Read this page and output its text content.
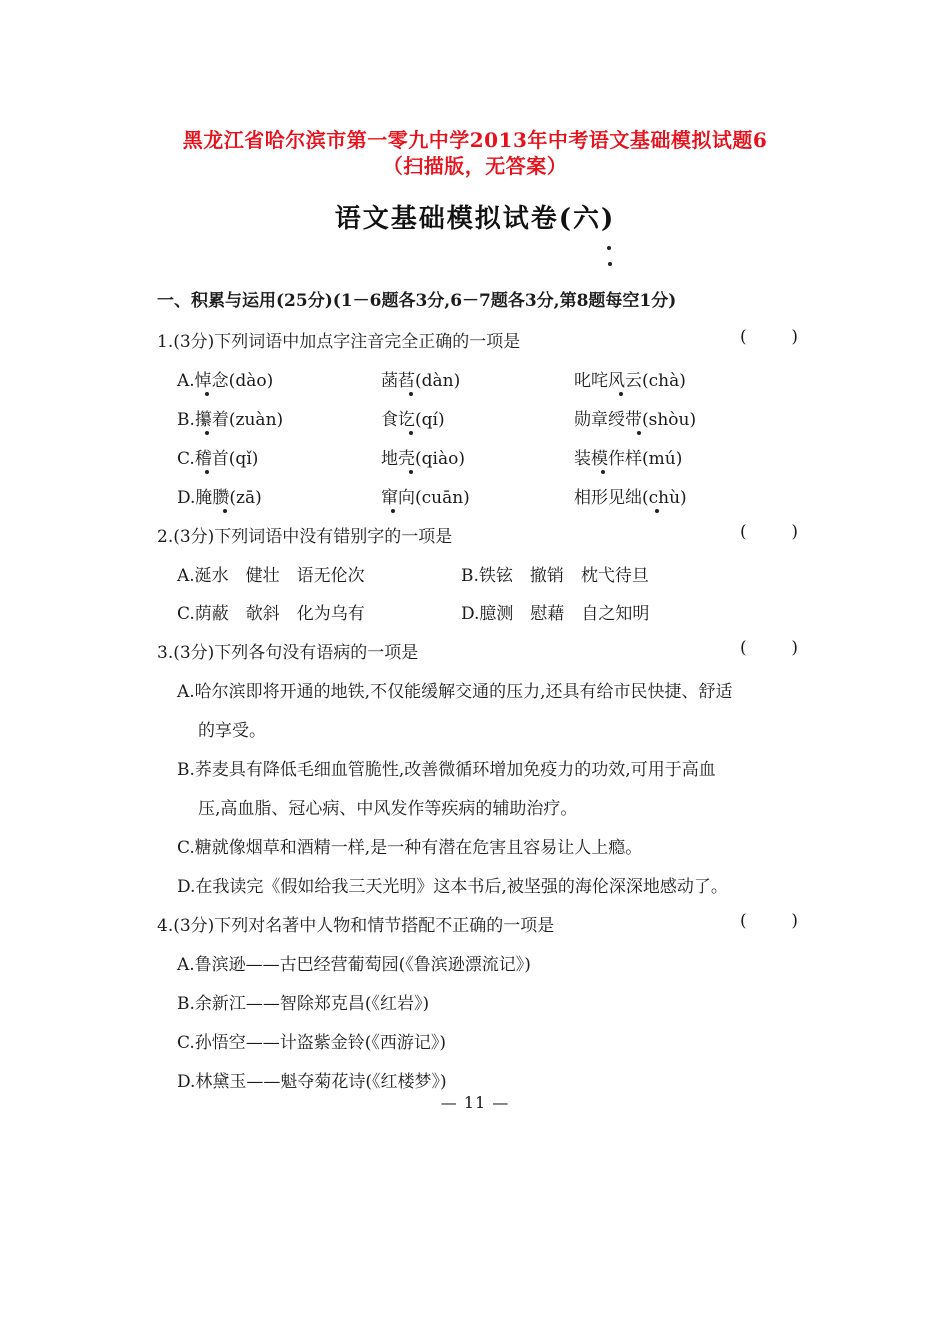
黑龙江省哈尔滨市第一零九中学2013年中考语文基础模拟试题6
（扫描版，无答案）
语文基础模拟试卷(六)
一、积累与运用(25分)(1－6题各3分,6－7题各3分,第8题每空1分)
1.(3分)下列词语中加点字注音完全正确的一项是	(	)
A.悼念(dào)	菡萏(dàn)	叱咤风云(chà)
B.攥着(zuàn)	食讫(qí)	勋章绶带(shòu)
C.稽首(qǐ)	地壳(qiào)	装模作样(mú)
D.腌臜(zā)	窜向(cuān)	相形见绌(chù)
2.(3分)下列词语中没有错别字的一项是	(	)
A.涎水　健壮　语无伦次	B.铁铉　撤销　枕弋待旦
C.荫蔽　欹斜　化为乌有	D.臆测　慰藉　自之知明
3.(3分)下列各句没有语病的一项是	(	)
A.哈尔滨即将开通的地铁,不仅能缓解交通的压力,还具有给市民快捷、舒适
的享受。
B.荞麦具有降低毛细血管脆性,改善微循环增加免疫力的功效,可用于高血
压,高血脂、冠心病、中风发作等疾病的辅助治疗。
C.糖就像烟草和酒精一样,是一种有潜在危害且容易让人上瘾。
D.在我读完《假如给我三天光明》这本书后,被坚强的海伦深深地感动了。
4.(3分)下列对名著中人物和情节搭配不正确的一项是	(	)
A.鲁滨逊——古巴经营葡萄园(《鲁滨逊漂流记》)
B.余新江——智除郑克昌(《红岩》)
C.孙悟空——计盗紫金铃(《西游记》)
D.林黛玉——魁夺菊花诗(《红楼梦》)
— 11 —
